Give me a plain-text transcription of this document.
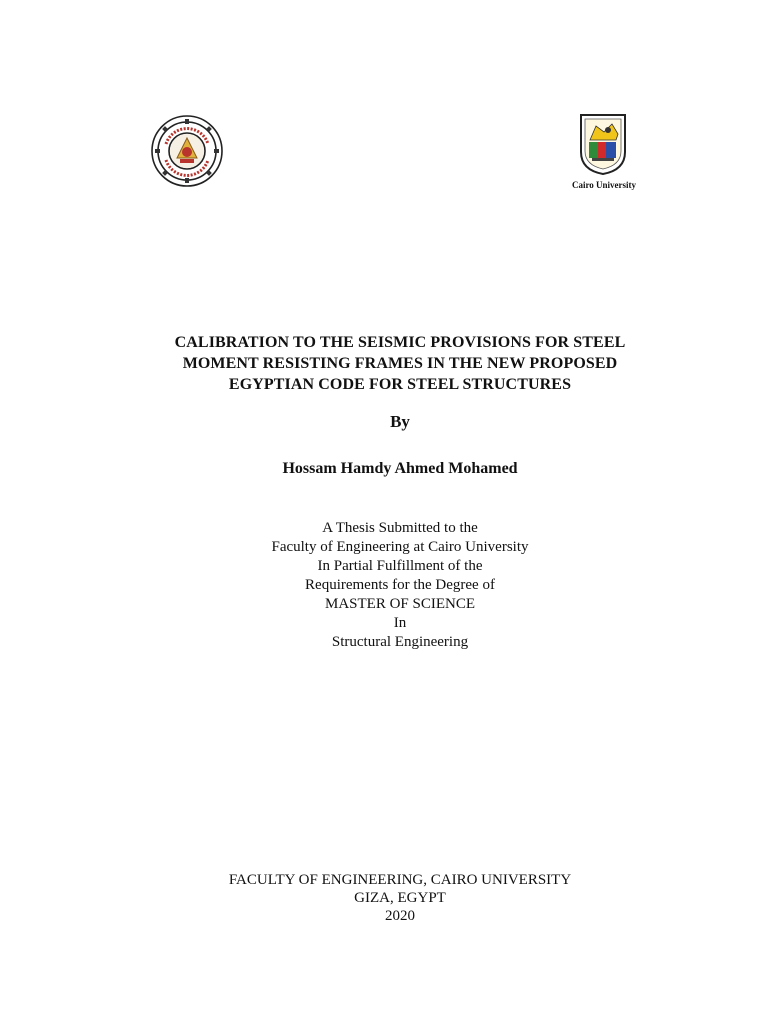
Cairo University
CALIBRATION TO THE SEISMIC PROVISIONS FOR STEEL
MOMENT RESISTING FRAMES IN THE NEW PROPOSED
EGYPTIAN CODE FOR STEEL STRUCTURES
By
Hossam Hamdy Ahmed Mohamed
A Thesis Submitted to the
Faculty of Engineering at Cairo University
In Partial Fulfillment of the
Requirements for the Degree of
MASTER OF SCIENCE
In
Structural Engineering
FACULTY OF ENGINEERING, CAIRO UNIVERSITY
GIZA, EGYPT
2020
